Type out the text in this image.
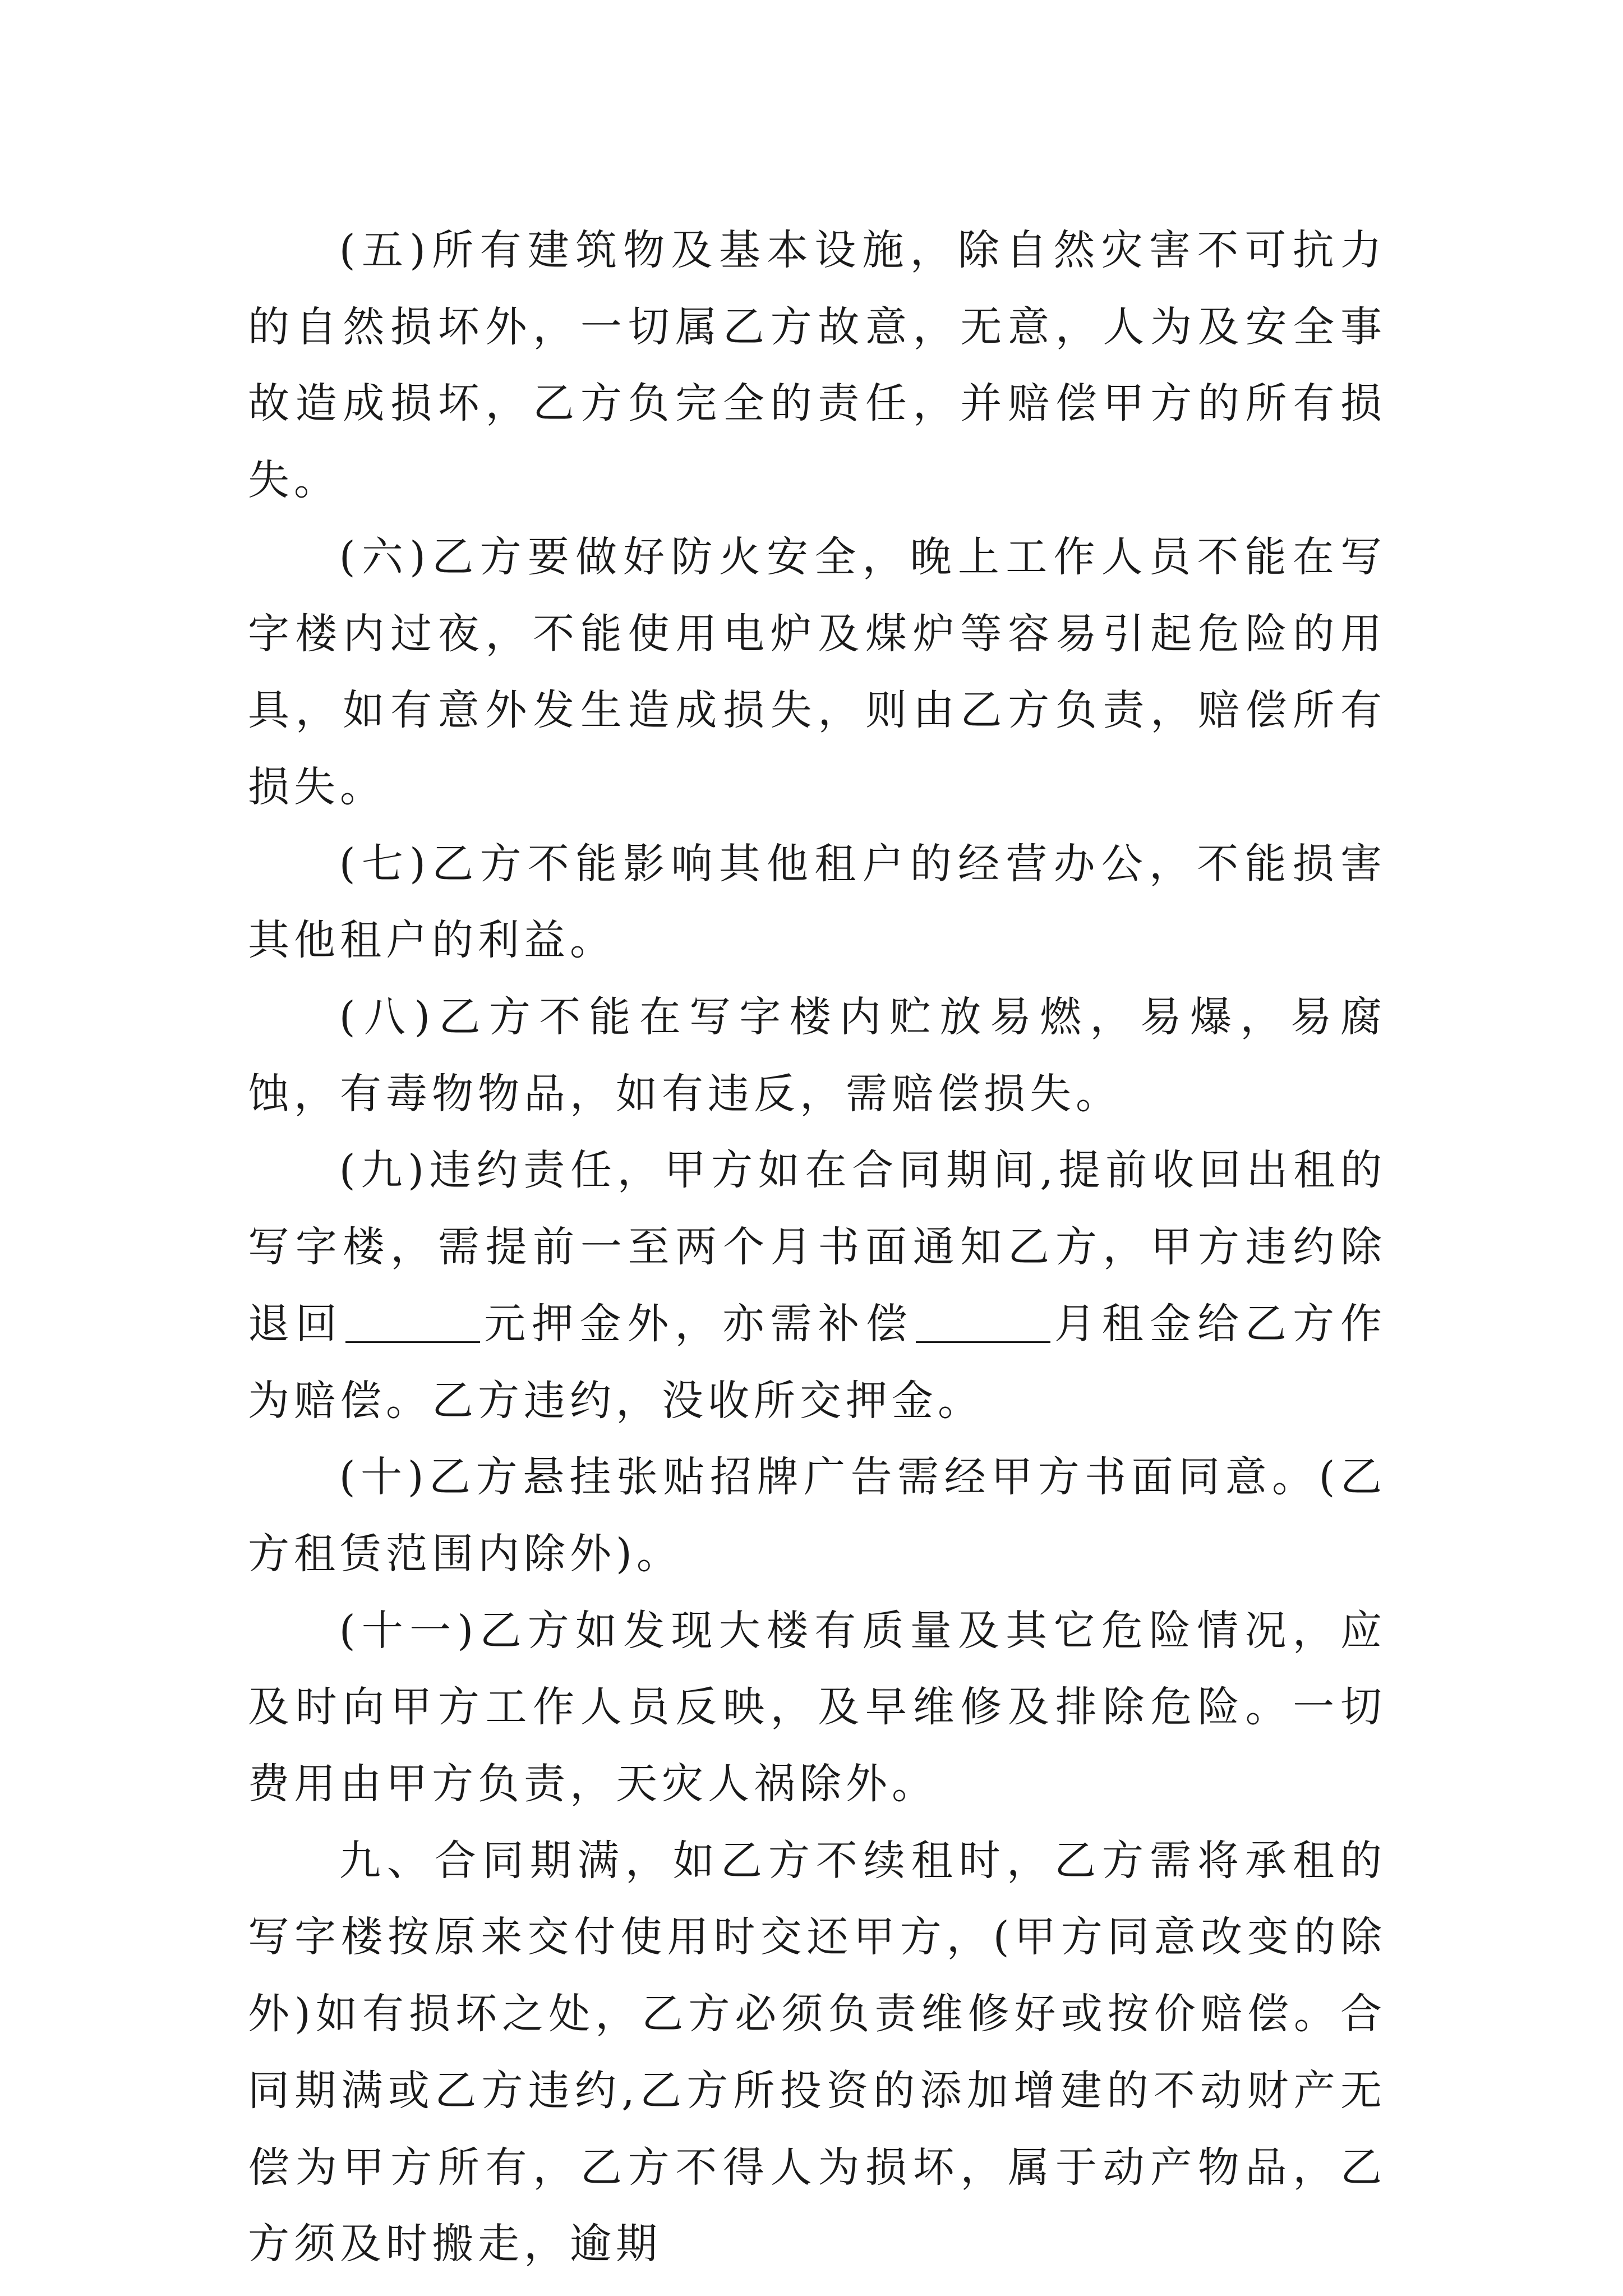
(五)所有建筑物及基本设施，除自然灾害不可抗力的自然损坏外，一切属乙方故意，无意，人为及安全事故造成损坏，乙方负完全的责任，并赔偿甲方的所有损失。

(六)乙方要做好防火安全，晚上工作人员不能在写字楼内过夜，不能使用电炉及煤炉等容易引起危险的用具，如有意外发生造成损失，则由乙方负责，赔偿所有损失。

(七)乙方不能影响其他租户的经营办公，不能损害其他租户的利益。

(八)乙方不能在写字楼内贮放易燃，易爆，易腐蚀，有毒物物品，如有违反，需赔偿损失。

(九)违约责任，甲方如在合同期间,提前收回出租的写字楼，需提前一至两个月书面通知乙方，甲方违约除退回	元押金外，亦需补偿	月租金给乙方作为赔偿。乙方违约，没收所交押金。

(十)乙方悬挂张贴招牌广告需经甲方书面同意。(乙方租赁范围内除外)。

(十一)乙方如发现大楼有质量及其它危险情况，应及时向甲方工作人员反映，及早维修及排除危险。一切费用由甲方负责，天灾人祸除外。

九、合同期满，如乙方不续租时，乙方需将承租的写字楼按原来交付使用时交还甲方，(甲方同意改变的除外)如有损坏之处，乙方必须负责维修好或按价赔偿。合同期满或乙方违约,乙方所投资的添加增建的不动财产无偿为甲方所有，乙方不得人为损坏，属于动产物品，乙方须及时搬走，逾期
